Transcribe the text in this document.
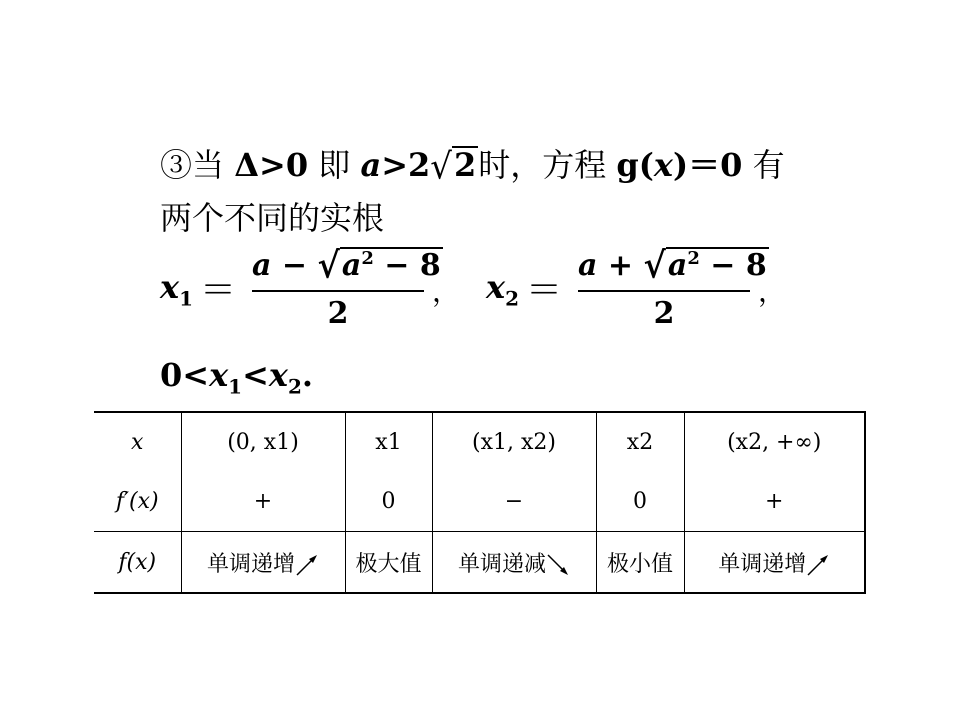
③当 Δ>0 即 a>2√2时，方程 g(x)＝0 有
两个不同的实根
$x_1$ ＝
$a - √a^2 - 8$
2
， $x_2$ ＝
$a + √a^2 - 8$
2
，
$0<x_1<x_2$.
x	(0, x1)	x1	(x1, x2)	x2	(x2, +∞)
f′(x)	+	0	−	0	+
f(x)	单调递增	极大值	单调递减	极小值	单调递增
